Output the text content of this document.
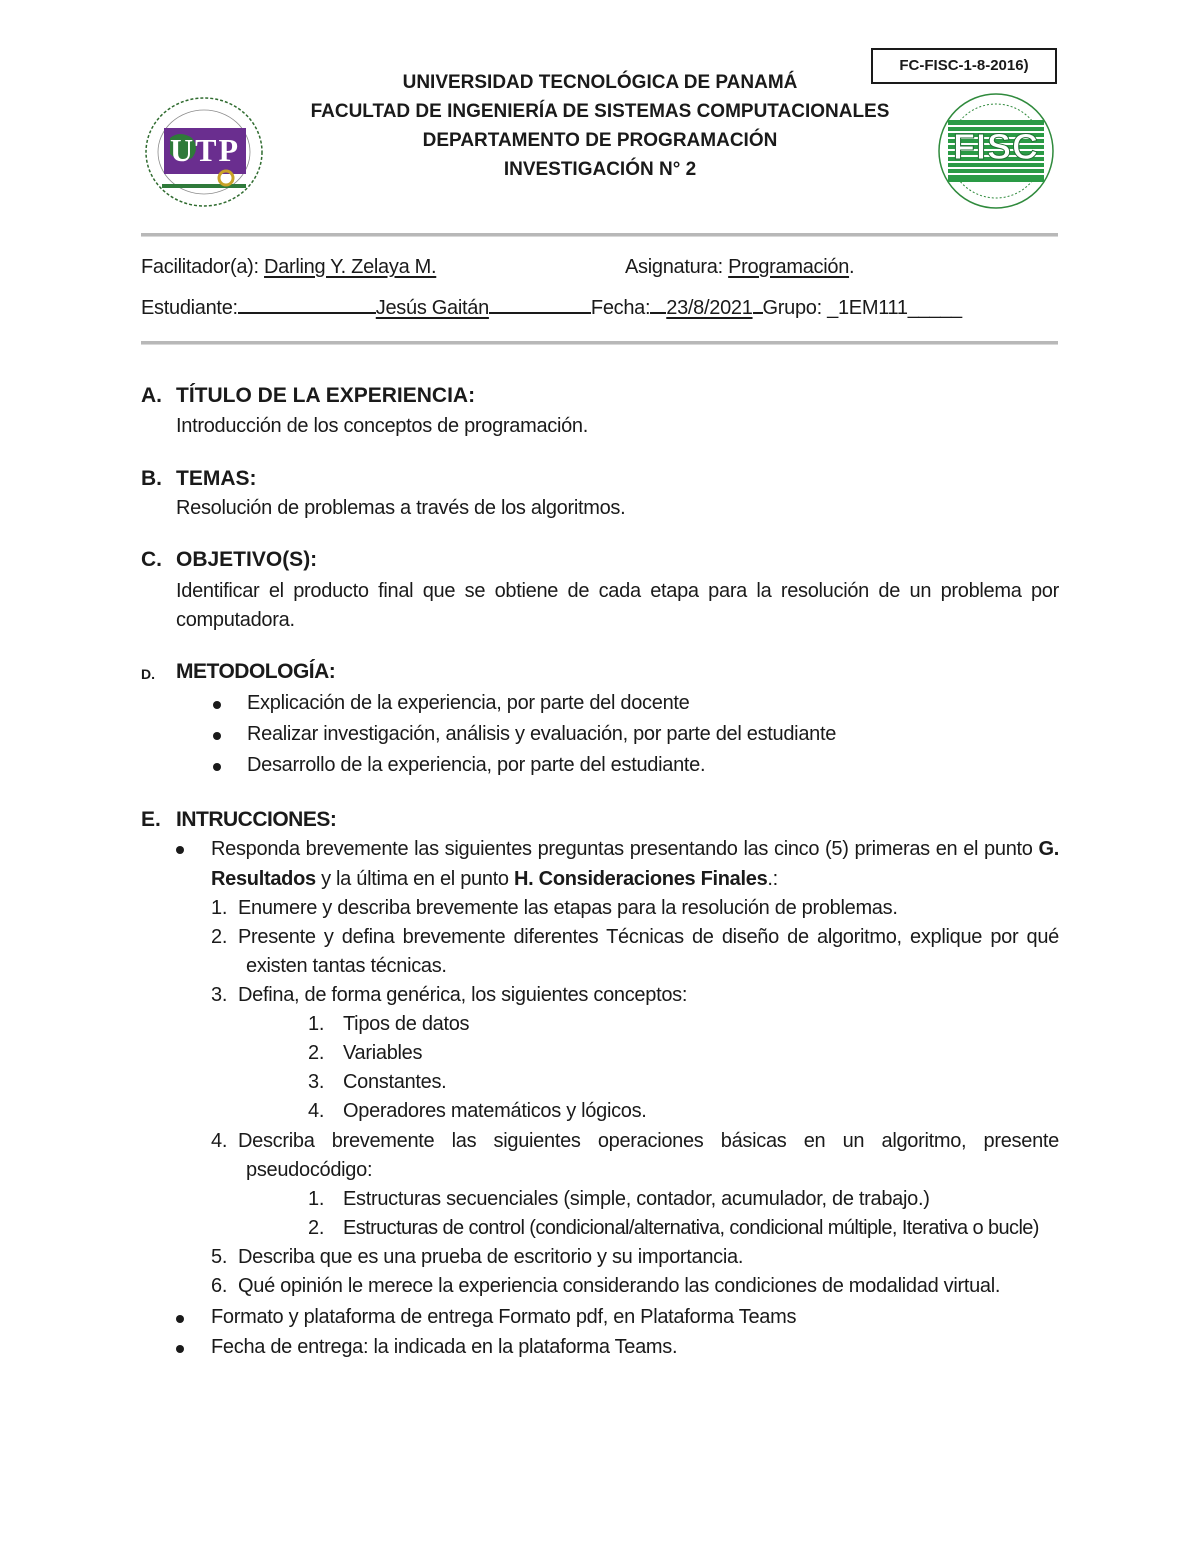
FC-FISC-1-8-2016)
UTP	FISC
UNIVERSIDAD TECNOLÓGICA DE PANAMÁ
FACULTAD DE INGENIERÍA DE SISTEMAS COMPUTACIONALES
DEPARTAMENTO DE PROGRAMACIÓN
INVESTIGACIÓN N° 2
Facilitador(a): Darling Y. Zelaya M.	Asignatura: Programación.
Estudiante:	Jesús Gaitán	Fecha: 23/8/2021 Grupo: _1EM111_____
A. TÍTULO DE LA EXPERIENCIA:
Introducción de los conceptos de programación.
B. TEMAS:
Resolución de problemas a través de los algoritmos.
C. OBJETIVO(S):
Identificar el producto final que se obtiene de cada etapa para la resolución de un problema por
computadora.
D. METODOLOGÍA:
Explicación de la experiencia, por parte del docente
Realizar investigación, análisis y evaluación, por parte del estudiante
Desarrollo de la experiencia, por parte del estudiante.
E. INTRUCCIONES:
Responda brevemente las siguientes preguntas presentando las cinco (5) primeras en el punto G.
Resultados y la última en el punto H. Consideraciones Finales.:
1. Enumere y describa brevemente las etapas para la resolución de problemas.
2. Presente y defina brevemente diferentes Técnicas de diseño de algoritmo, explique por qué
existen tantas técnicas.
3. Defina, de forma genérica, los siguientes conceptos:
1. Tipos de datos
2. Variables
3. Constantes.
4. Operadores matemáticos y lógicos.
4. Describa brevemente las siguientes operaciones básicas en un algoritmo, presente
pseudocódigo:
1. Estructuras secuenciales (simple, contador, acumulador, de trabajo.)
2. Estructuras de control (condicional/alternativa, condicional múltiple, Iterativa o bucle)
5. Describa que es una prueba de escritorio y su importancia.
6. Qué opinión le merece la experiencia considerando las condiciones de modalidad virtual.
Formato y plataforma de entrega Formato pdf, en Plataforma Teams
Fecha de entrega: la indicada en la plataforma Teams.
